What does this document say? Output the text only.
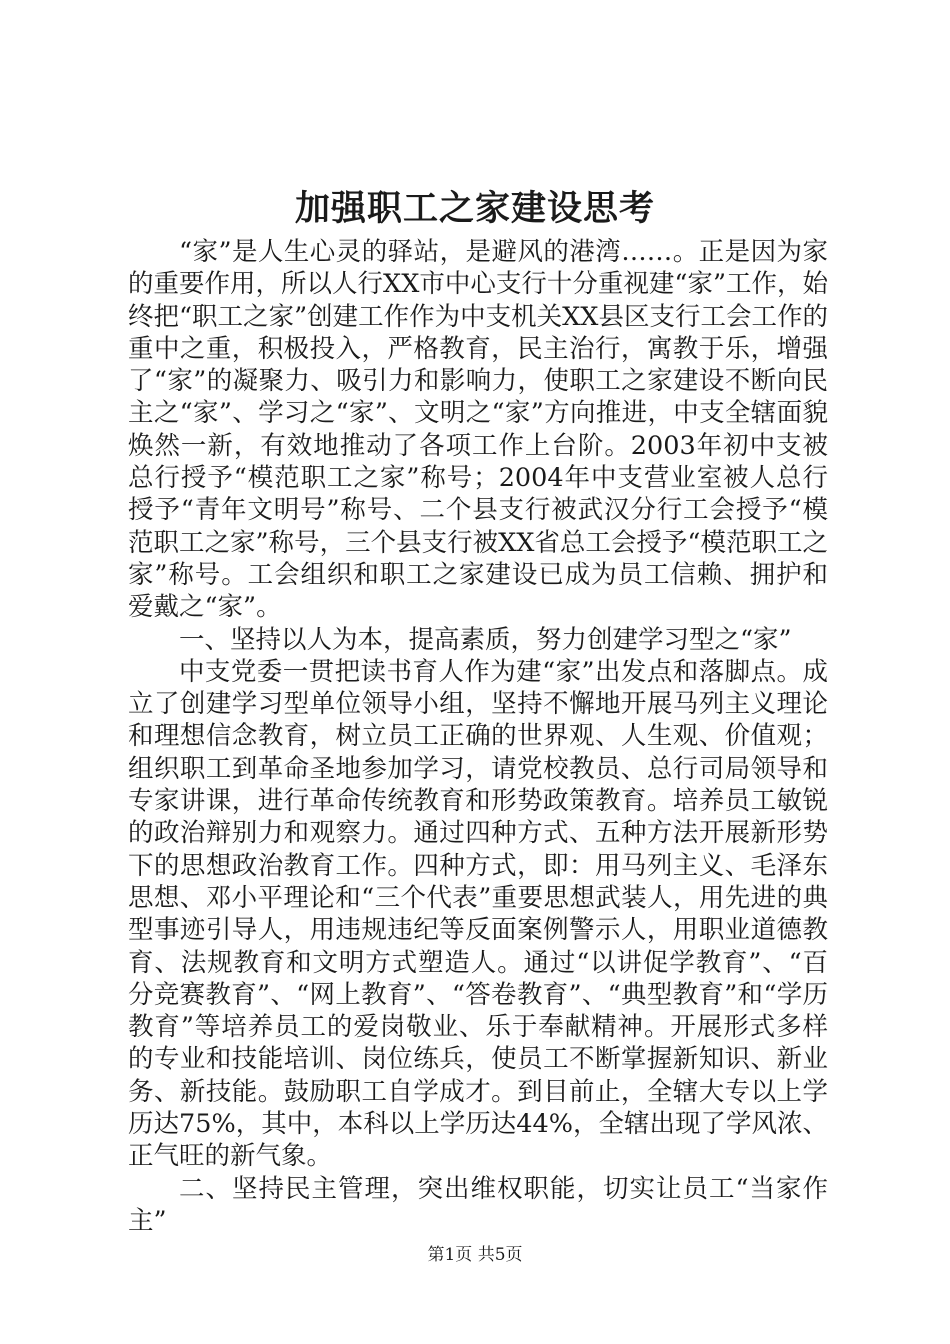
加强职工之家建设思考

“家”是人生心灵的驿站，是避风的港湾……。正是因为家的重要作用，所以人行XX市中心支行十分重视建“家”工作，始终把“职工之家”创建工作作为中支机关XX县区支行工会工作的重中之重，积极投入，严格教育，民主治行，寓教于乐，增强了“家”的凝聚力、吸引力和影响力，使职工之家建设不断向民主之“家”、学习之“家”、文明之“家”方向推进，中支全辖面貌焕然一新，有效地推动了各项工作上台阶。2003年初中支被总行授予“模范职工之家”称号；2004年中支营业室被人总行授予“青年文明号”称号、二个县支行被武汉分行工会授予“模范职工之家”称号，三个县支行被XX省总工会授予“模范职工之家”称号。工会组织和职工之家建设已成为员工信赖、拥护和爱戴之“家”。

一、坚持以人为本，提高素质，努力创建学习型之“家”

中支党委一贯把读书育人作为建“家”出发点和落脚点。成立了创建学习型单位领导小组，坚持不懈地开展马列主义理论和理想信念教育，树立员工正确的世界观、人生观、价值观；组织职工到革命圣地参加学习，请党校教员、总行司局领导和专家讲课，进行革命传统教育和形势政策教育。培养员工敏锐的政治辩别力和观察力。通过四种方式、五种方法开展新形势下的思想政治教育工作。四种方式，即：用马列主义、毛泽东思想、邓小平理论和“三个代表”重要思想武装人，用先进的典型事迹引导人，用违规违纪等反面案例警示人，用职业道德教育、法规教育和文明方式塑造人。通过“以讲促学教育”、“百分竞赛教育”、“网上教育”、“答卷教育”、“典型教育”和“学历教育”等培养员工的爱岗敬业、乐于奉献精神。开展形式多样的专业和技能培训、岗位练兵，使员工不断掌握新知识、新业务、新技能。鼓励职工自学成才。到目前止，全辖大专以上学历达75%，其中，本科以上学历达44%，全辖出现了学风浓、正气旺的新气象。

二、坚持民主管理，突出维权职能，切实让员工“当家作主”

第1页 共5页
